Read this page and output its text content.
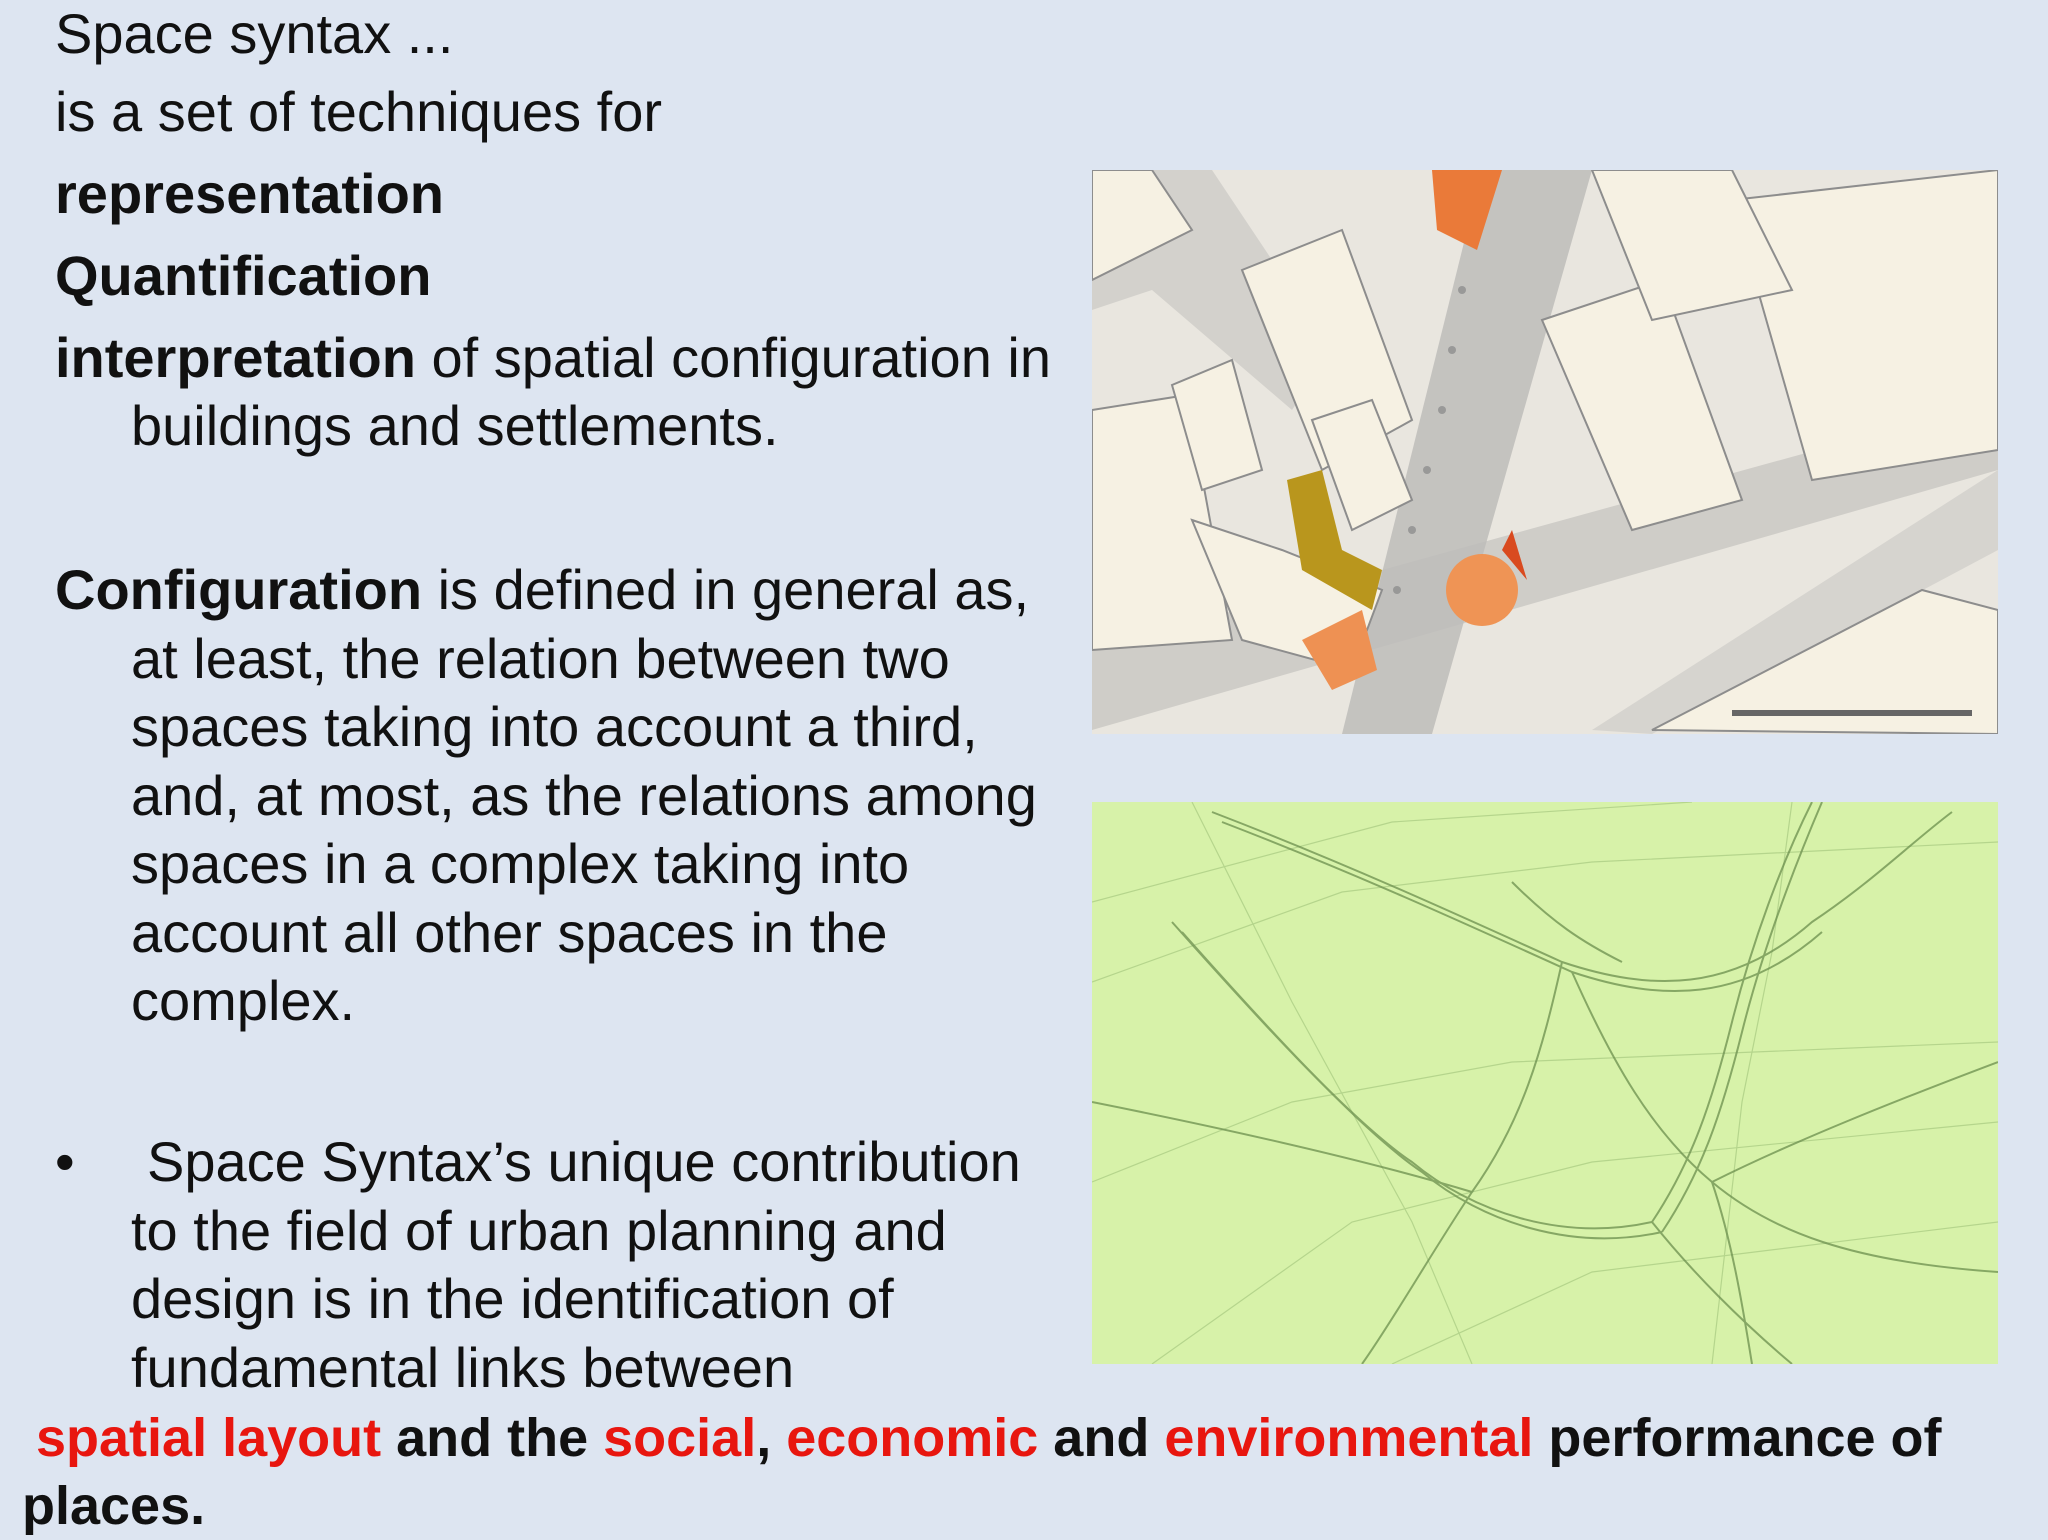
Space syntax ...
is a set of techniques for
representation
Quantification
interpretation of spatial configuration in
buildings and settlements.
Configuration is defined in general as,
at least, the relation between two
spaces taking into account a third,
and, at most, as the relations among
spaces in a complex taking into
account all other spaces in the
complex.
• Space Syntax’s unique contribution
to the field of urban planning and
design is in the identification of
fundamental links between
spatial layout and the social, economic and environmental performance of
places.
